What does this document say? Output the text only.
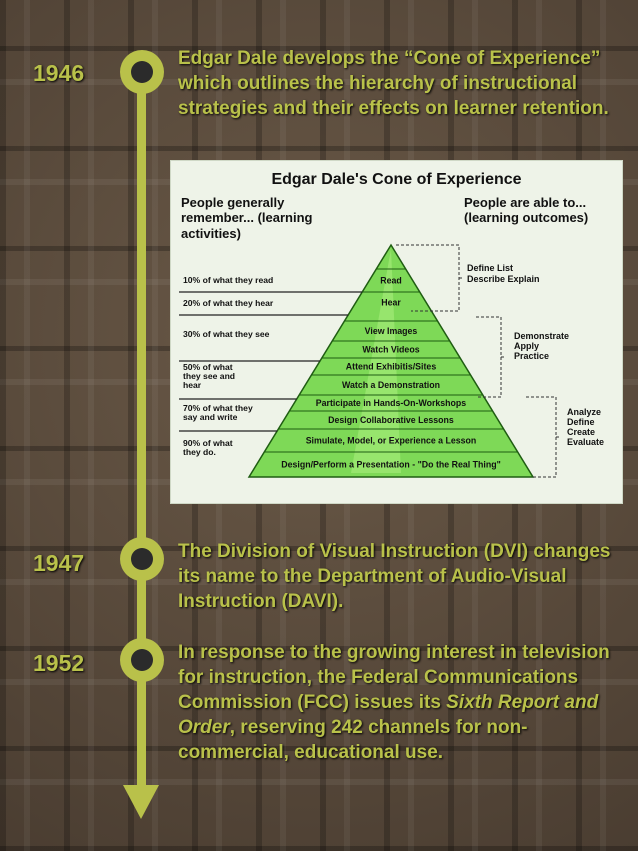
1946
Edgar Dale develops the “Cone of Experience” which outlines the hierarchy of instructional strategies and their effects on learner retention.
Edgar Dale's Cone of Experience
People generally remember... (learning activities)
People are able to... (learning outcomes)
Read
Hear
View Images
Watch Videos
Attend Exhibitis/Sites
Watch a Demonstration
Participate in Hands-On-Workshops
Design Collaborative Lessons
Simulate, Model, or Experience a Lesson
Design/Perform a Presentation - "Do the Real Thing"
10% of what they read
20% of what they hear
30% of what they see
50% of what they see and hear
70% of what they say and write
90% of what they do.
Define List Describe Explain
Demonstrate Apply Practice
Analyze Define Create Evaluate
1947	The Division of Visual Instruction (DVI) changes its name to the Department of Audio-Visual Instruction (DAVI).
1952	In response to the growing interest in television for instruction, the Federal Communications Commission (FCC) issues its Sixth Report and Order, reserving 242 channels for non-commercial, educational use.
